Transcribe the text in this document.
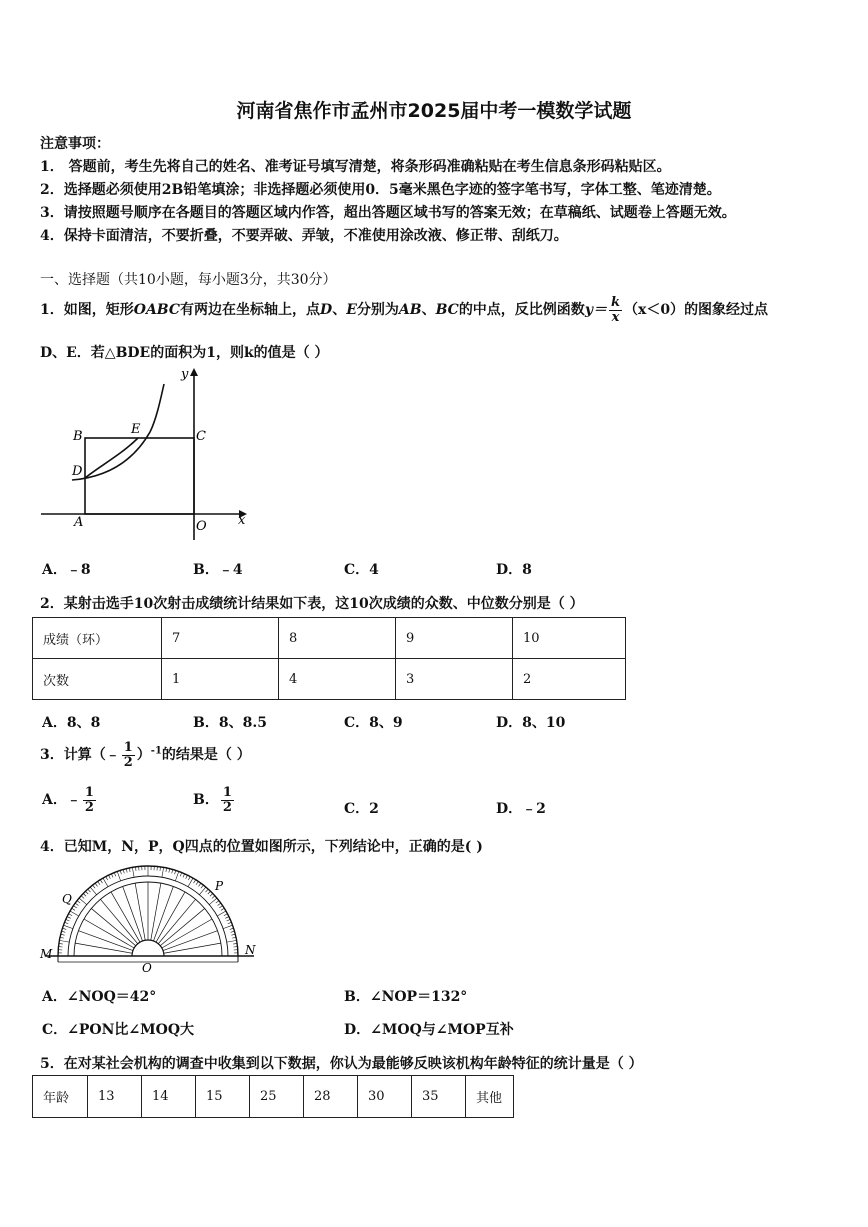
河南省焦作市孟州市2025届中考一模数学试题
注意事项：
1． 答题前，考生先将自己的姓名、准考证号填写清楚，将条形码准确粘贴在考生信息条形码粘贴区。
2．选择题必须使用2B铅笔填涂；非选择题必须使用0．5毫米黑色字迹的签字笔书写，字体工整、笔迹清楚。
3．请按照题号顺序在各题目的答题区域内作答，超出答题区域书写的答案无效；在草稿纸、试题卷上答题无效。
4．保持卡面清洁，不要折叠，不要弄破、弄皱，不准使用涂改液、修正带、刮纸刀。
一、选择题（共10小题，每小题3分，共30分）
1．如图，矩形OABC有两边在坐标轴上，点D、E分别为AB、BC的中点，反比例函数$y= \frac{k}{x} (x<0)$的图象经过点
D、E．若△BDE的面积为1，则k的值是（ ）
y
x
B	E	C
D
A	O
A．﹣8	B．﹣4	C．4	D．8
2．某射击选手10次射击成绩统计结果如下表，这10次成绩的众数、中位数分别是（ ）
成绩（环）	7	8	9	10
次数	1	4	3	2
A．8、8	B．8、8.5	C．8、9	D．8、10
3．计算（﹣ $\frac{1}{2} )^{-1}$的结果是（ ）
A．﹣ $\frac{1}{2}$	B． $\frac{1}{2}$	C．2	D．﹣2
4．已知M，N，P，Q四点的位置如图所示，下列结论中，正确的是( )
M	N
P
Q
O
A．∠NOQ＝42°	B．∠NOP＝132°
C．∠PON比∠MOQ大	D．∠MOQ与∠MOP互补
5．在对某社会机构的调查中收集到以下数据，你认为最能够反映该机构年龄特征的统计量是（ ）
年龄	13	14	15	25	28	30	35	其他
